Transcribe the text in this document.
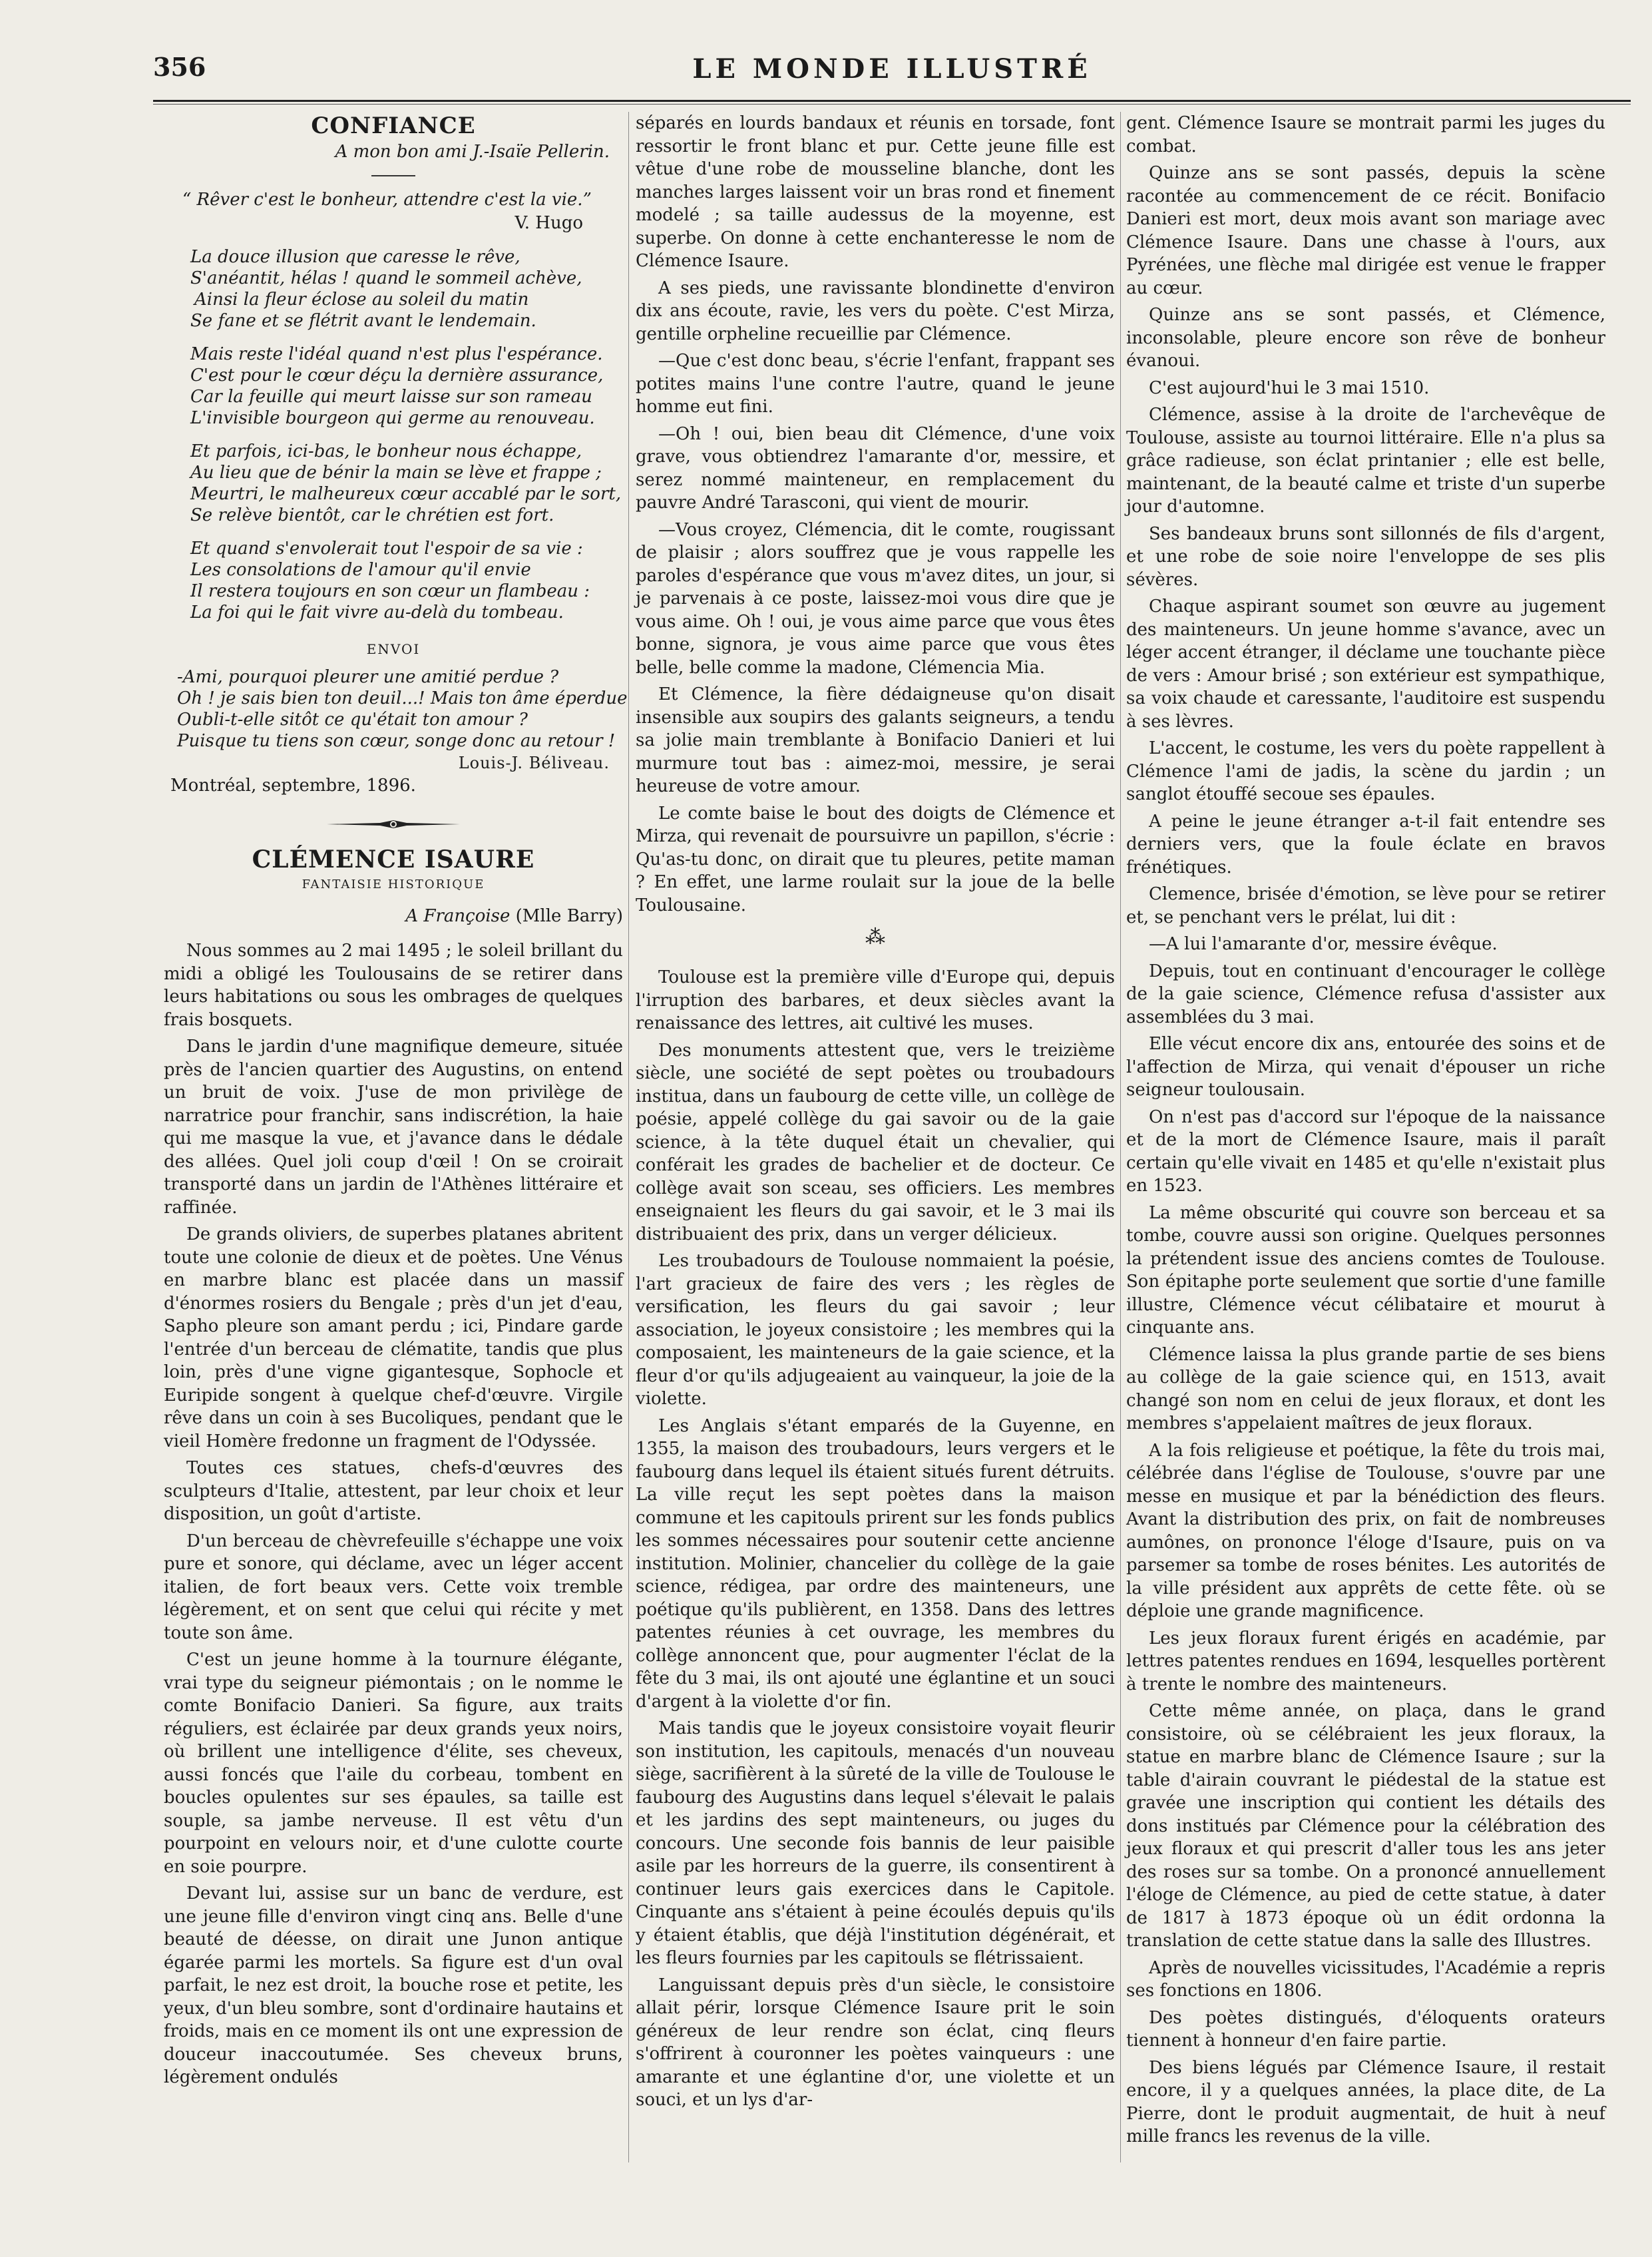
356	LE MONDE ILLUSTRÉ
CONFIANCE
A mon bon ami J.-Isaïe Pellerin.

“ Rêver c'est le bonheur, attendre c'est la vie.”

V. Hugo
La douce illusion que caresse le rêve,
S'anéantit, hélas ! quand le sommeil achève,
Ainsi la fleur éclose au soleil du matin
Se fane et se flétrit avant le lendemain.
Mais reste l'idéal quand n'est plus l'espérance.
C'est pour le cœur déçu la dernière assurance,
Car la feuille qui meurt laisse sur son rameau
L'invisible bourgeon qui germe au renouveau.
Et parfois, ici-bas, le bonheur nous échappe,
Au lieu que de bénir la main se lève et frappe ;
Meurtri, le malheureux cœur accablé par le sort,
Se relève bientôt, car le chrétien est fort.
Et quand s'envolerait tout l'espoir de sa vie :
Les consolations de l'amour qu'il envie
Il restera toujours en son cœur un flambeau :
La foi qui le fait vivre au-delà du tombeau.
ENVOI
-Ami, pourquoi pleurer une amitié perdue ?
Oh ! je sais bien ton deuil...! Mais ton âme éperdue
Oubli-t-elle sitôt ce qu'était ton amour ?
Puisque tu tiens son cœur, songe donc au retour !
Louis-J. Béliveau.
Montréal, septembre, 1896.
CLÉMENCE ISAURE
FANTAISIE HISTORIQUE
A Françoise (Mlle Barry)

Nous sommes au 2 mai 1495 ; le soleil brillant du midi a obligé les Toulousains de se retirer dans leurs habitations ou sous les ombrages de quelques frais bosquets.

Dans le jardin d'une magnifique demeure, située près de l'ancien quartier des Augustins, on entend un bruit de voix. J'use de mon privilège de narratrice pour franchir, sans indiscrétion, la haie qui me masque la vue, et j'avance dans le dédale des allées. Quel joli coup d'œil ! On se croirait transporté dans un jardin de l'Athènes littéraire et raffinée.

De grands oliviers, de superbes platanes abritent toute une colonie de dieux et de poètes. Une Vénus en marbre blanc est placée dans un massif d'énormes rosiers du Bengale ; près d'un jet d'eau, Sapho pleure son amant perdu ; ici, Pindare garde l'entrée d'un berceau de clématite, tandis que plus loin, près d'une vigne gigantesque, Sophocle et Euripide songent à quelque chef-d'œuvre. Virgile rêve dans un coin à ses Bucoliques, pendant que le vieil Homère fredonne un fragment de l'Odyssée.

Toutes ces statues, chefs-d'œuvres des sculpteurs d'Italie, attestent, par leur choix et leur disposition, un goût d'artiste.

D'un berceau de chèvrefeuille s'échappe une voix pure et sonore, qui déclame, avec un léger accent italien, de fort beaux vers. Cette voix tremble légèrement, et on sent que celui qui récite y met toute son âme.

C'est un jeune homme à la tournure élégante, vrai type du seigneur piémontais ; on le nomme le comte Bonifacio Danieri. Sa figure, aux traits réguliers, est éclairée par deux grands yeux noirs, où brillent une intelligence d'élite, ses cheveux, aussi foncés que l'aile du corbeau, tombent en boucles opulentes sur ses épaules, sa taille est souple, sa jambe nerveuse. Il est vêtu d'un pourpoint en velours noir, et d'une culotte courte en soie pourpre.

Devant lui, assise sur un banc de verdure, est une jeune fille d'environ vingt cinq ans. Belle d'une beauté de déesse, on dirait une Junon antique égarée parmi les mortels. Sa figure est d'un oval parfait, le nez est droit, la bouche rose et petite, les yeux, d'un bleu sombre, sont d'ordinaire hautains et froids, mais en ce moment ils ont une expression de douceur inaccoutumée. Ses cheveux bruns, légèrement ondulés

séparés en lourds bandaux et réunis en torsade, font ressortir le front blanc et pur. Cette jeune fille est vêtue d'une robe de mousseline blanche, dont les manches larges laissent voir un bras rond et finement modelé ; sa taille audessus de la moyenne, est superbe. On donne à cette enchanteresse le nom de Clémence Isaure.

A ses pieds, une ravissante blondinette d'environ dix ans écoute, ravie, les vers du poète. C'est Mirza, gentille orpheline recueillie par Clémence.

—Que c'est donc beau, s'écrie l'enfant, frappant ses potites mains l'une contre l'autre, quand le jeune homme eut fini.

—Oh ! oui, bien beau dit Clémence, d'une voix grave, vous obtiendrez l'amarante d'or, messire, et serez nommé mainteneur, en remplacement du pauvre André Tarasconi, qui vient de mourir.

—Vous croyez, Clémencia, dit le comte, rougissant de plaisir ; alors souffrez que je vous rappelle les paroles d'espérance que vous m'avez dites, un jour, si je parvenais à ce poste, laissez-moi vous dire que je vous aime. Oh ! oui, je vous aime parce que vous êtes bonne, signora, je vous aime parce que vous êtes belle, belle comme la madone, Clémencia Mia.

Et Clémence, la fière dédaigneuse qu'on disait insensible aux soupirs des galants seigneurs, a tendu sa jolie main tremblante à Bonifacio Danieri et lui murmure tout bas : aimez-moi, messire, je serai heureuse de votre amour.

Le comte baise le bout des doigts de Clémence et Mirza, qui revenait de poursuivre un papillon, s'écrie : Qu'as-tu donc, on dirait que tu pleures, petite maman ? En effet, une larme roulait sur la joue de la belle Toulousaine.

⁂

Toulouse est la première ville d'Europe qui, depuis l'irruption des barbares, et deux siècles avant la renaissance des lettres, ait cultivé les muses.

Des monuments attestent que, vers le treizième siècle, une société de sept poètes ou troubadours institua, dans un faubourg de cette ville, un collège de poésie, appelé collège du gai savoir ou de la gaie science, à la tête duquel était un chevalier, qui conférait les grades de bachelier et de docteur. Ce collège avait son sceau, ses officiers. Les membres enseignaient les fleurs du gai savoir, et le 3 mai ils distribuaient des prix, dans un verger délicieux.

Les troubadours de Toulouse nommaient la poésie, l'art gracieux de faire des vers ; les règles de versification, les fleurs du gai savoir ; leur association, le joyeux consistoire ; les membres qui la composaient, les mainteneurs de la gaie science, et la fleur d'or qu'ils adjugeaient au vainqueur, la joie de la violette.

Les Anglais s'étant emparés de la Guyenne, en 1355, la maison des troubadours, leurs vergers et le faubourg dans lequel ils étaient situés furent détruits. La ville reçut les sept poètes dans la maison commune et les capitouls prirent sur les fonds publics les sommes nécessaires pour soutenir cette ancienne institution. Molinier, chancelier du collège de la gaie science, rédigea, par ordre des mainteneurs, une poétique qu'ils publièrent, en 1358. Dans des lettres patentes réunies à cet ouvrage, les membres du collège annoncent que, pour augmenter l'éclat de la fête du 3 mai, ils ont ajouté une églantine et un souci d'argent à la violette d'or fin.

Mais tandis que le joyeux consistoire voyait fleurir son institution, les capitouls, menacés d'un nouveau siège, sacrifièrent à la sûreté de la ville de Toulouse le faubourg des Augustins dans lequel s'élevait le palais et les jardins des sept mainteneurs, ou juges du concours. Une seconde fois bannis de leur paisible asile par les horreurs de la guerre, ils consentirent à continuer leurs gais exercices dans le Capitole. Cinquante ans s'étaient à peine écoulés depuis qu'ils y étaient établis, que déjà l'institution dégénérait, et les fleurs fournies par les capitouls se flétrissaient.

Languissant depuis près d'un siècle, le consistoire allait périr, lorsque Clémence Isaure prit le soin généreux de leur rendre son éclat, cinq fleurs s'offrirent à couronner les poètes vainqueurs : une amarante et une églantine d'or, une violette et un souci, et un lys d'ar-

gent. Clémence Isaure se montrait parmi les juges du combat.

Quinze ans se sont passés, depuis la scène racontée au commencement de ce récit. Bonifacio Danieri est mort, deux mois avant son mariage avec Clémence Isaure. Dans une chasse à l'ours, aux Pyrénées, une flèche mal dirigée est venue le frapper au cœur.

Quinze ans se sont passés, et Clémence, inconsolable, pleure encore son rêve de bonheur évanoui.

C'est aujourd'hui le 3 mai 1510.

Clémence, assise à la droite de l'archevêque de Toulouse, assiste au tournoi littéraire. Elle n'a plus sa grâce radieuse, son éclat printanier ; elle est belle, maintenant, de la beauté calme et triste d'un superbe jour d'automne.

Ses bandeaux bruns sont sillonnés de fils d'argent, et une robe de soie noire l'enveloppe de ses plis sévères.

Chaque aspirant soumet son œuvre au jugement des mainteneurs. Un jeune homme s'avance, avec un léger accent étranger, il déclame une touchante pièce de vers : Amour brisé ; son extérieur est sympathique, sa voix chaude et caressante, l'auditoire est suspendu à ses lèvres.

L'accent, le costume, les vers du poète rappellent à Clémence l'ami de jadis, la scène du jardin ; un sanglot étouffé secoue ses épaules.

A peine le jeune étranger a-t-il fait entendre ses derniers vers, que la foule éclate en bravos frénétiques.

Clemence, brisée d'émotion, se lève pour se retirer et, se penchant vers le prélat, lui dit :

—A lui l'amarante d'or, messire évêque.

Depuis, tout en continuant d'encourager le collège de la gaie science, Clémence refusa d'assister aux assemblées du 3 mai.

Elle vécut encore dix ans, entourée des soins et de l'affection de Mirza, qui venait d'épouser un riche seigneur toulousain.

On n'est pas d'accord sur l'époque de la naissance et de la mort de Clémence Isaure, mais il paraît certain qu'elle vivait en 1485 et qu'elle n'existait plus en 1523.

La même obscurité qui couvre son berceau et sa tombe, couvre aussi son origine. Quelques personnes la prétendent issue des anciens comtes de Toulouse. Son épitaphe porte seulement que sortie d'une famille illustre, Clémence vécut célibataire et mourut à cinquante ans.

Clémence laissa la plus grande partie de ses biens au collège de la gaie science qui, en 1513, avait changé son nom en celui de jeux floraux, et dont les membres s'appelaient maîtres de jeux floraux.

A la fois religieuse et poétique, la fête du trois mai, célébrée dans l'église de Toulouse, s'ouvre par une messe en musique et par la bénédiction des fleurs. Avant la distribution des prix, on fait de nombreuses aumônes, on prononce l'éloge d'Isaure, puis on va parsemer sa tombe de roses bénites. Les autorités de la ville président aux apprêts de cette fête. où se déploie une grande magnificence.

Les jeux floraux furent érigés en académie, par lettres patentes rendues en 1694, lesquelles portèrent à trente le nombre des mainteneurs.

Cette même année, on plaça, dans le grand consistoire, où se célébraient les jeux floraux, la statue en marbre blanc de Clémence Isaure ; sur la table d'airain couvrant le piédestal de la statue est gravée une inscription qui contient les détails des dons institués par Clémence pour la célébration des jeux floraux et qui prescrit d'aller tous les ans jeter des roses sur sa tombe. On a prononcé annuellement l'éloge de Clémence, au pied de cette statue, à dater de 1817 à 1873 époque où un édit ordonna la translation de cette statue dans la salle des Illustres.

Après de nouvelles vicissitudes, l'Académie a repris ses fonctions en 1806.

Des poètes distingués, d'éloquents orateurs tiennent à honneur d'en faire partie.

Des biens légués par Clémence Isaure, il restait encore, il y a quelques années, la place dite, de La Pierre, dont le produit augmentait, de huit à neuf mille francs les revenus de la ville.
